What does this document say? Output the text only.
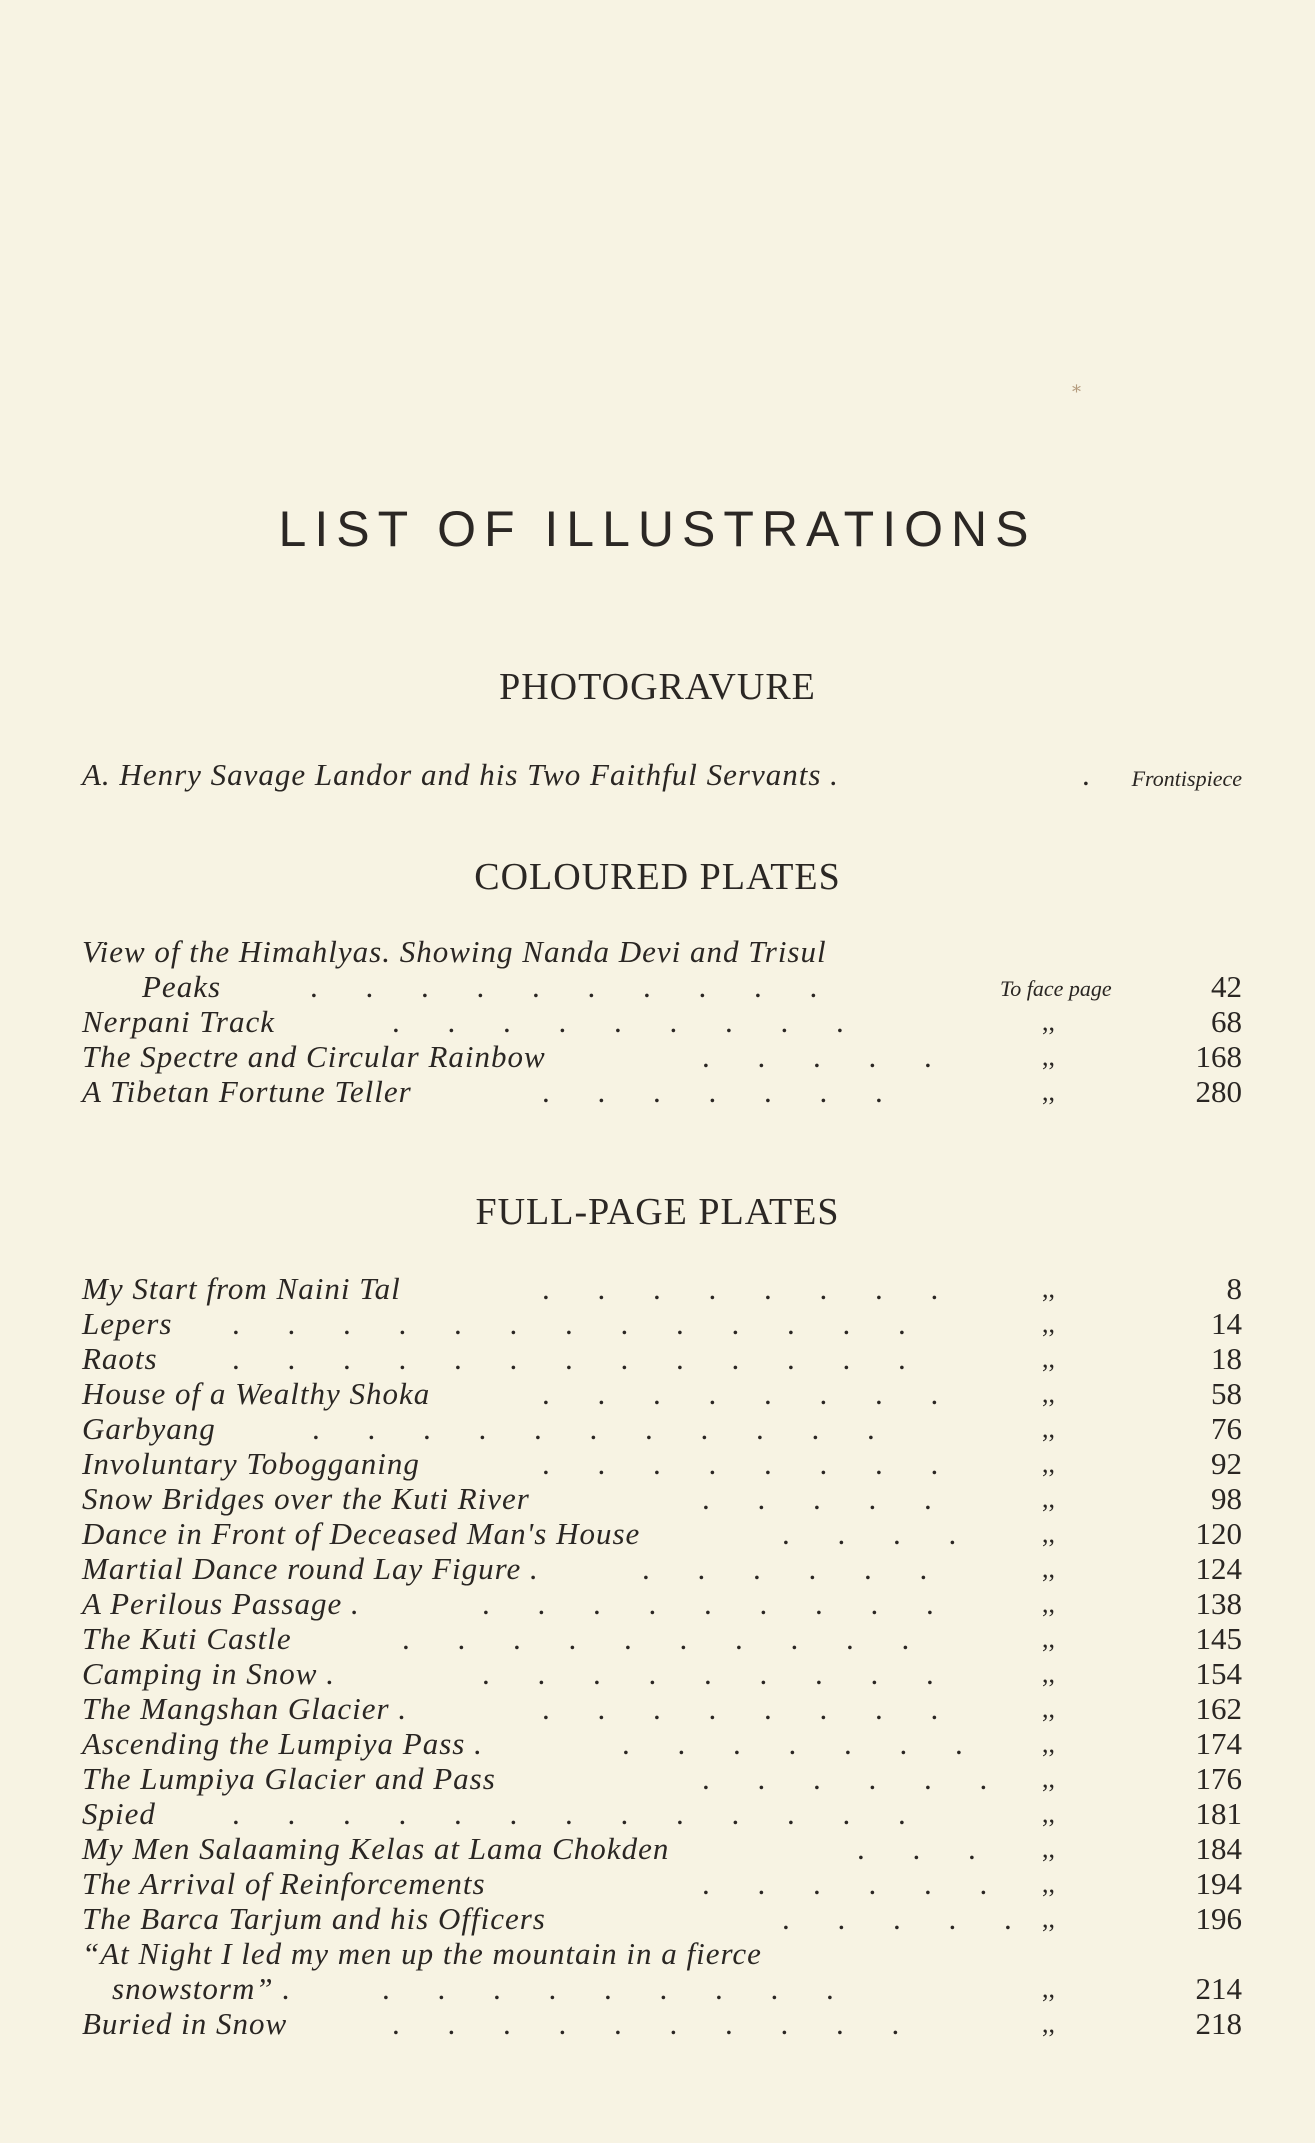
⁎
LIST OF ILLUSTRATIONS
PHOTOGRAVURE
A. Henry Savage Landor and his Two Faithful Servants .	. Frontispiece
COLOURED PLATES
View of the Himahlyas. Showing Nanda Devi and Trisul
Peaks	. . . . . . . . . .	To face page	42
Nerpani Track	. . . . . . . . .	,,	68
The Spectre and Circular Rainbow	. . . . .	,,	168
A Tibetan Fortune Teller	. . . . . . .	,,	280
FULL-PAGE PLATES
My Start from Naini Tal	. . . . . . . .	,,	8
Lepers . . . . . . . . . . . . .	,,	14
Raots . . . . . . . . . . . . .	,,	18
House of a Wealthy Shoka	. . . . . . . .	,,	58
Garbyang	. . . . . . . . . . .	,,	76
Involuntary Tobogganing	. . . . . . . .	,,	92
Snow Bridges over the Kuti River	. . . . .	,,	98
Dance in Front of Deceased Man's House	. . . .	,,	120
Martial Dance round Lay Figure .	. . . . . .	,,	124
A Perilous Passage .	. . . . . . . . .	,,	138
The Kuti Castle	. . . . . . . . . .	,,	145
Camping in Snow .	. . . . . . . . .	,,	154
The Mangshan Glacier .	. . . . . . . .	,,	162
Ascending the Lumpiya Pass .	. . . . . . . ,,	174
The Lumpiya Glacier and Pass	. . . . . . ,,	176
Spied . . . . . . . . . . . . .	,,	181
My Men Salaaming Kelas at Lama Chokden	. . . ,,	184
The Arrival of Reinforcements	. . . . . . ,,	194
The Barca Tarjum and his Officers	. . . . . ,,	196
“At Night I led my men up the mountain in a fierce
snowstorm” .	. . . . . . . . .	,,	214
Buried in Snow	. . . . . . . . . .	,,	218
